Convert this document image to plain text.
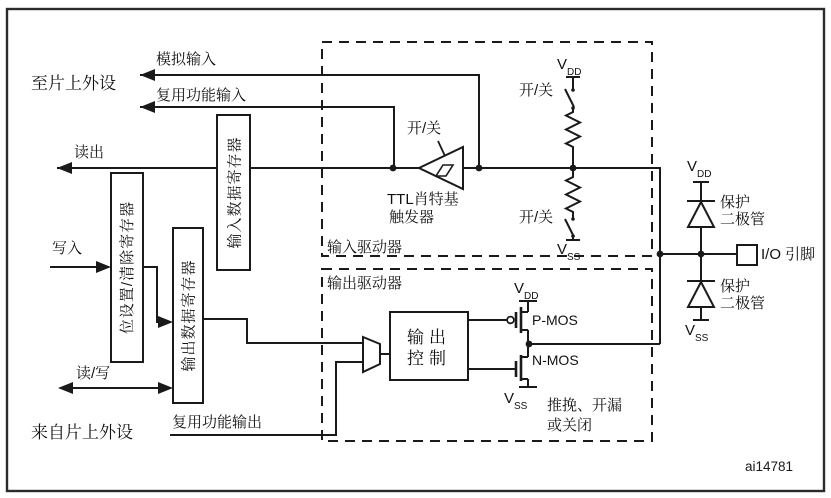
至片上外设
模拟输入
复用功能输入
读出
写入
读/写
来自片上外设
复用功能输出
位设置/清除寄存器	输出数据寄存器
输入数据寄存器	输入驱动器
开/关
TTL肖特基
触发器
开/关
开/关
$V_{DD}$
$V_{SS}$
输出驱动器
输出
控制
$V_{DD}$
P-MOS
N-MOS
$V_{SS}$ 推挽、开漏
或关闭
$V_{DD}$
保护
二极管
保护
二极管
$V_{SS}$
I/O 引脚
ai14781
